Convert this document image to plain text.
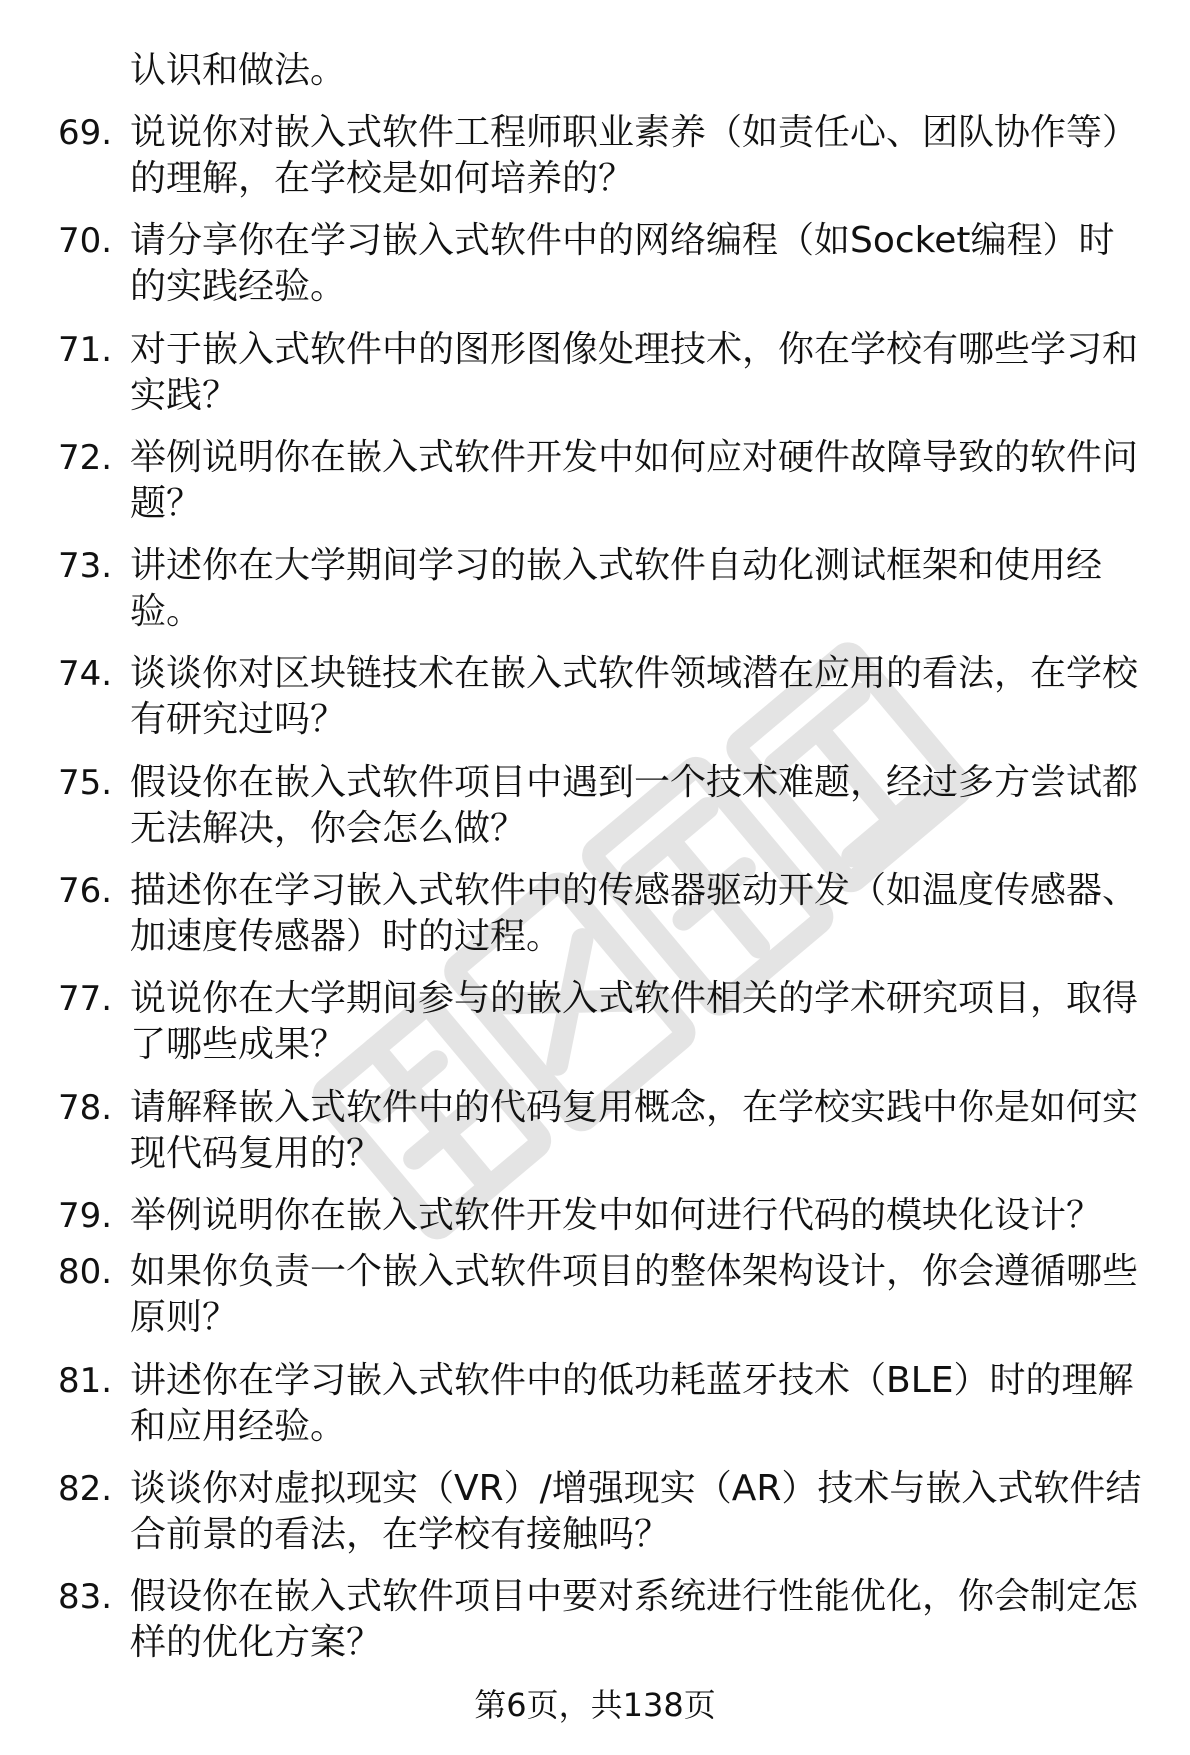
认识和做法。

69. 说说你对嵌入式软件工程师职业素养（如责任心、团队协作等）的理解，在学校是如何培养的？

70. 请分享你在学习嵌入式软件中的网络编程（如Socket编程）时的实践经验。

71. 对于嵌入式软件中的图形图像处理技术，你在学校有哪些学习和实践？

72. 举例说明你在嵌入式软件开发中如何应对硬件故障导致的软件问题？

73. 讲述你在大学期间学习的嵌入式软件自动化测试框架和使用经验。

74. 谈谈你对区块链技术在嵌入式软件领域潜在应用的看法，在学校有研究过吗？

75. 假设你在嵌入式软件项目中遇到一个技术难题，经过多方尝试都无法解决，你会怎么做？

76. 描述你在学习嵌入式软件中的传感器驱动开发（如温度传感器、加速度传感器）时的过程。

77. 说说你在大学期间参与的嵌入式软件相关的学术研究项目，取得了哪些成果？

78. 请解释嵌入式软件中的代码复用概念，在学校实践中你是如何实现代码复用的？

79. 举例说明你在嵌入式软件开发中如何进行代码的模块化设计？

80. 如果你负责一个嵌入式软件项目的整体架构设计，你会遵循哪些原则？

81. 讲述你在学习嵌入式软件中的低功耗蓝牙技术（BLE）时的理解和应用经验。

82. 谈谈你对虚拟现实（VR）/增强现实（AR）技术与嵌入式软件结合前景的看法，在学校有接触吗？

83. 假设你在嵌入式软件项目中要对系统进行性能优化，你会制定怎样的优化方案？

第6页，共138页
